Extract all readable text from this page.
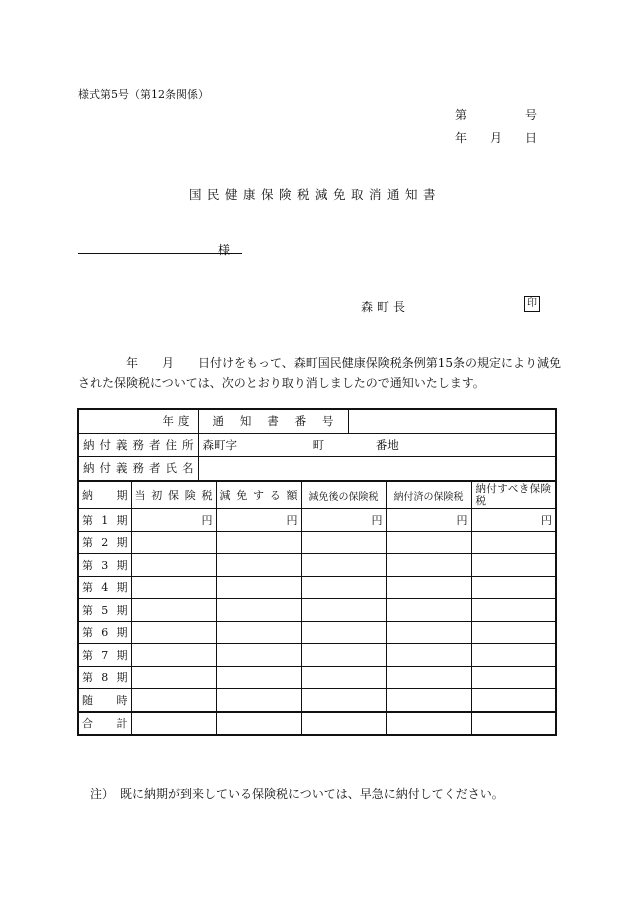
様式第5号（第12条関係）
第	号
年 月 日
国民健康保険税減免取消通知書
様
森町長	印
　　　　年　　月　　日付けをもって、森町国民健康保険税条例第15条の規定により減免
された保険税については、次のとおり取り消しましたので通知いたします。
年度	通知書番号	

納付義務者住所	森町字 町 番地	

納付義務者氏名		

納期	当初保険税	減免する額	減免後の保険税	納付済の保険税	納付すべき保険税

第1期	円	円	円	円	円

第2期					

第3期					

第4期					

第5期					

第6期					

第7期					

第8期					

随時					

合計					

注）　既に納期が到来している保険税については、早急に納付してください。
